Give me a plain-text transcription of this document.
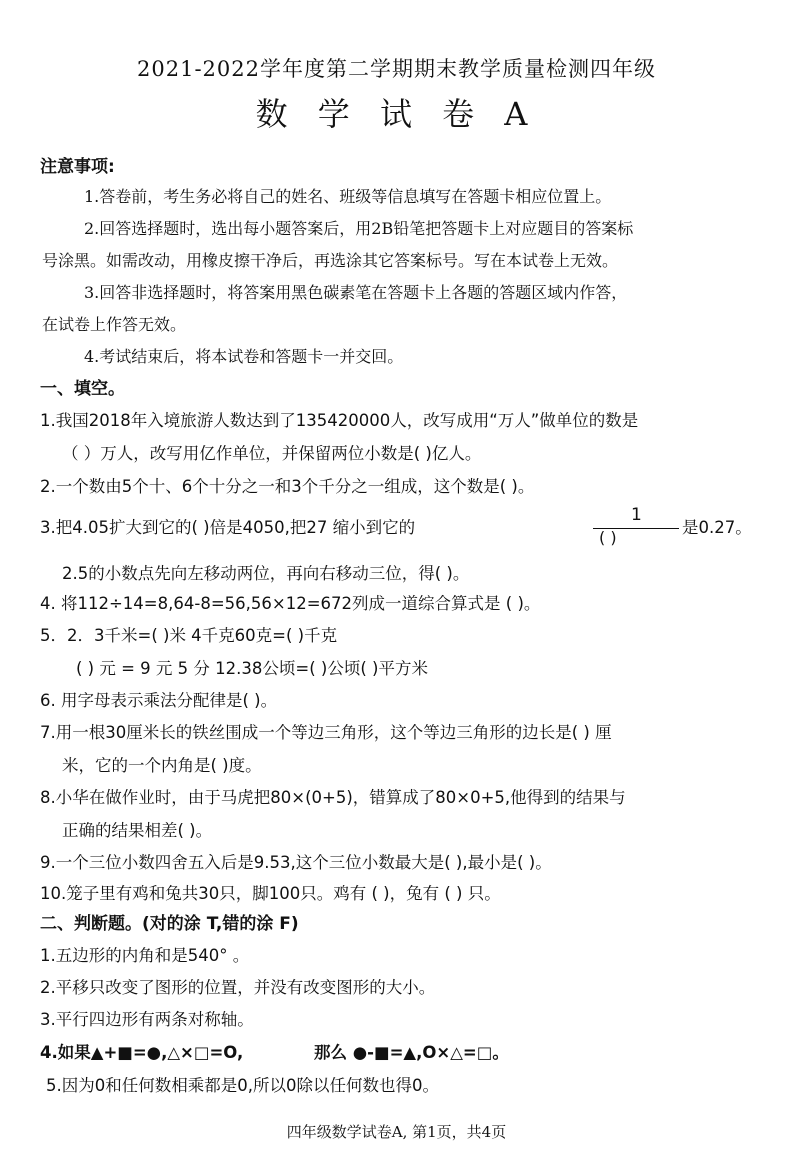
2021-2022学年度第二学期期末教学质量检测四年级
数 学 试 卷 A
注意事项:
1.答卷前，考生务必将自己的姓名、班级等信息填写在答题卡相应位置上。
2.回答选择题时，选出每小题答案后，用2B铅笔把答题卡上对应题目的答案标
号涂黑。如需改动，用橡皮擦干净后，再选涂其它答案标号。写在本试卷上无效。
3.回答非选择题时，将答案用黑色碳素笔在答题卡上各题的答题区域内作答，
在试卷上作答无效。
4.考试结束后，将本试卷和答题卡一并交回。
一、填空。
1.我国2018年入境旅游人数达到了135420000人，改写成用“万人”做单位的数是
（ ）万人，改写用亿作单位，并保留两位小数是( )亿人。
2.一个数由5个十、6个十分之一和3个千分之一组成，这个数是( )。
3.把4.05扩大到它的( )倍是4050,把27 缩小到它的
1
( )
是0.27。
2.5的小数点先向左移动两位，再向右移动三位，得( )。
4. 将112÷14=8,64-8=56,56×12=672列成一道综合算式是 ( )。
5．2．3千米=( )米 4千克60克=( )千克
( ) 元 = 9 元 5 分 12.38公顷=( )公顷( )平方米
6. 用字母表示乘法分配律是( )。
7.用一根30厘米长的铁丝围成一个等边三角形，这个等边三角形的边长是( ) 厘
米，它的一个内角是( )度。
8.小华在做作业时，由于马虎把80×(0+5)，错算成了80×0+5,他得到的结果与
正确的结果相差( )。
9.一个三位小数四舍五入后是9.53,这个三位小数最大是( ),最小是( )。
10.笼子里有鸡和兔共30只，脚100只。鸡有 ( )，兔有 ( ) 只。
二、判断题。(对的涂 T,错的涂 F)
1.五边形的内角和是540° 。
2.平移只改变了图形的位置，并没有改变图形的大小。
3.平行四边形有两条对称轴。
4.如果▲+■=●,△×□=O,	那么 ●-■=▲,O×△=□。
5.因为0和任何数相乘都是0,所以0除以任何数也得0。
四年级数学试卷A, 第1页，共4页
